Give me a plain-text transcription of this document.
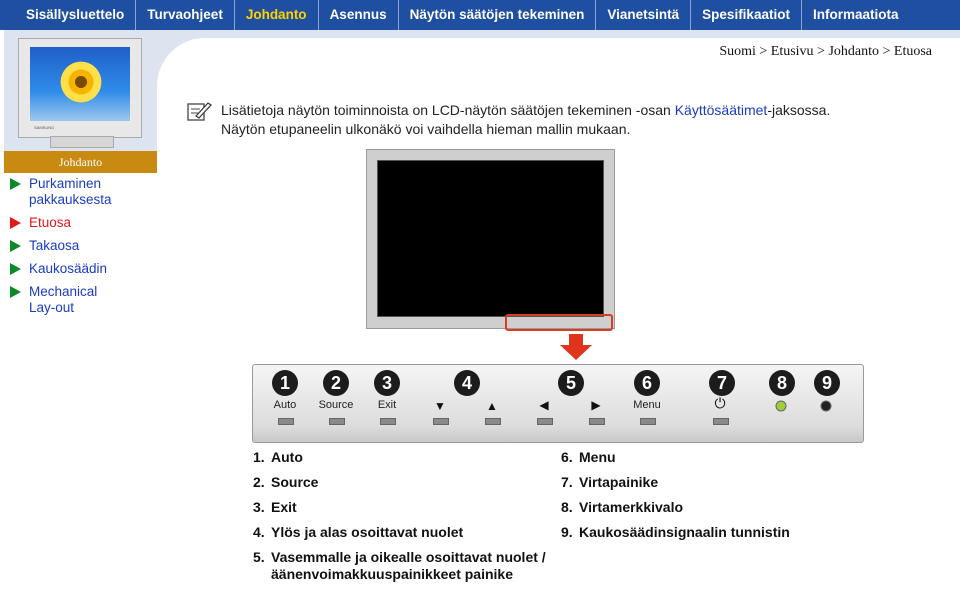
Sisällysluettelo	Turvaohjeet	Johdanto	Asennus	Näytön säätöjen tekeminen	Vianetsintä	Spesifikaatiot	Informaatiota
Suomi > Etusivu > Johdanto > Etuosa
SAMSUNG
Johdanto
Purkaminen pakkauksesta
Etuosa
Takaosa
Kaukosäädin
Mechanical Lay-out
Lisätietoja näytön toiminnoista on LCD-näytön säätöjen tekeminen -osan Käyttösäätimet-jaksossa.
Näytön etupaneelin ulkonäkö voi vaihdella hieman mallin mukaan.
1	2	3	4	5	6	7	8	9
Auto	Source	Exit	▼	▲	◀	▶	Menu	⏻
1. Auto
2. Source
3. Exit
4. Ylös ja alas osoittavat nuolet
5. Vasemmalle ja oikealle osoittavat nuolet / äänenvoimakkuuspainikkeet painike
6. Menu
7. Virtapainike
8. Virtamerkkivalo
9. Kaukosäädinsignaalin tunnistin
